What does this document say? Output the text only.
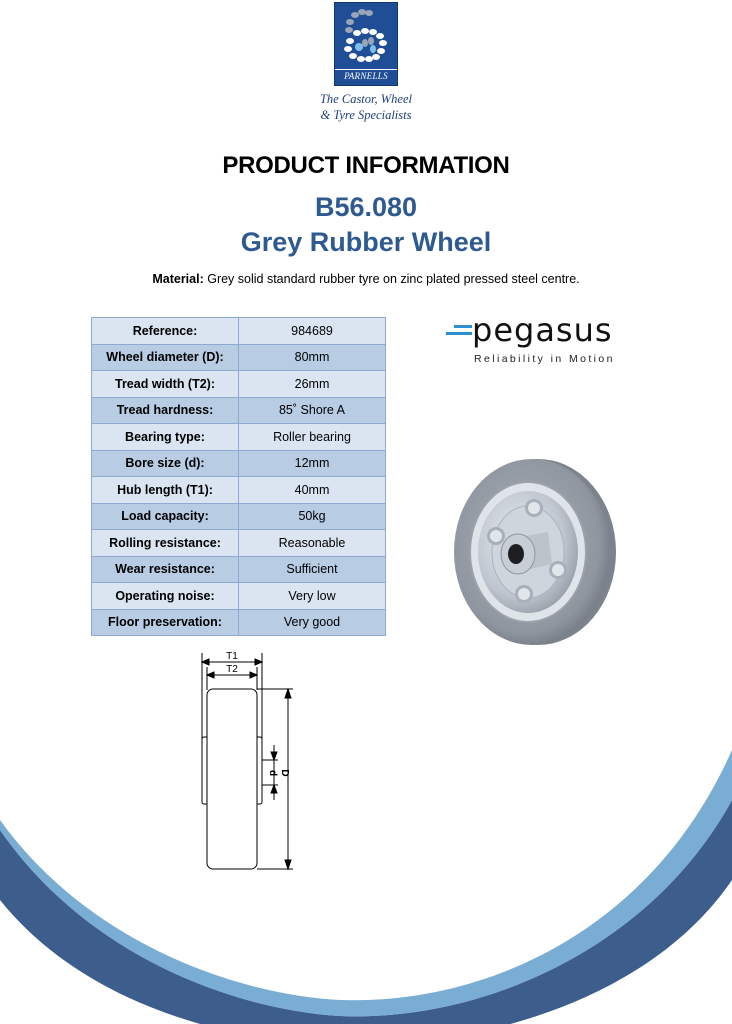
PARNELLS
The Castor, Wheel
& Tyre Specialists
PRODUCT INFORMATION
B56.080
Grey Rubber Wheel
Material: Grey solid standard rubber tyre on zinc plated pressed steel centre.
Reference:	984689
Wheel diameter (D):	80mm
Tread width (T2):	26mm
Tread hardness:	85˚ Shore A
Bearing type:	Roller bearing
Bore size (d):	12mm
Hub length (T1):	40mm
Load capacity:	50kg
Rolling resistance:	Reasonable
Wear resistance:	Sufficient
Operating noise:	Very low
Floor preservation:	Very good
pegasus
Reliability in Motion
T1
T2
d D
